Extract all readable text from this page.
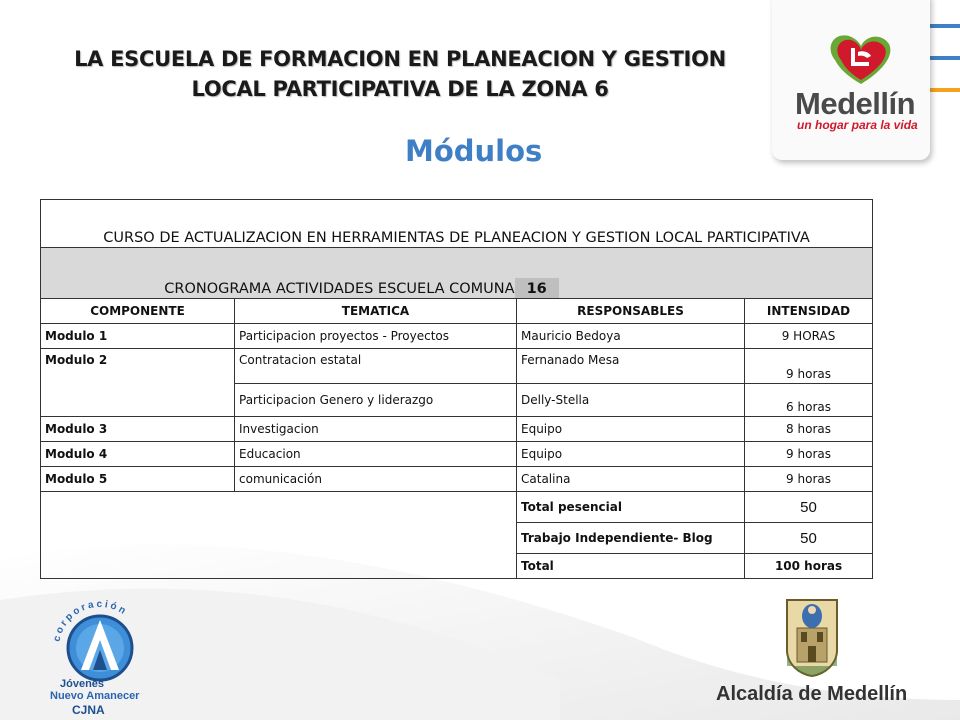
Medellín
un hogar para la vida
LA ESCUELA DE FORMACION EN PLANEACION Y GESTION
LOCAL PARTICIPATIVA DE LA ZONA 6
Módulos
CURSO DE ACTUALIZACION EN HERRAMIENTAS DE PLANEACION Y GESTION LOCAL PARTICIPATIVA			
CRONOGRAMA ACTIVIDADES ESCUELA COMUNA 16			
COMPONENTE	TEMATICA	RESPONSABLES	INTENSIDAD
Modulo 1	Participacion proyectos - Proyectos	Mauricio Bedoya	9 HORAS
Modulo 2	Contratacion estatal	Fernanado Mesa	9 horas
	Participacion Genero y liderazgo	Delly-Stella	6 horas
Modulo 3	Investigacion	Equipo	8 horas
Modulo 4	Educacion	Equipo	9 horas
Modulo 5	comunicación	Catalina	9 horas
		Total pesencial	50
		Trabajo Independiente- Blog	50
		Total	100 horas
corporación
Jóvenes
Nuevo Amanecer
CJNA
Alcaldía de Medellín
